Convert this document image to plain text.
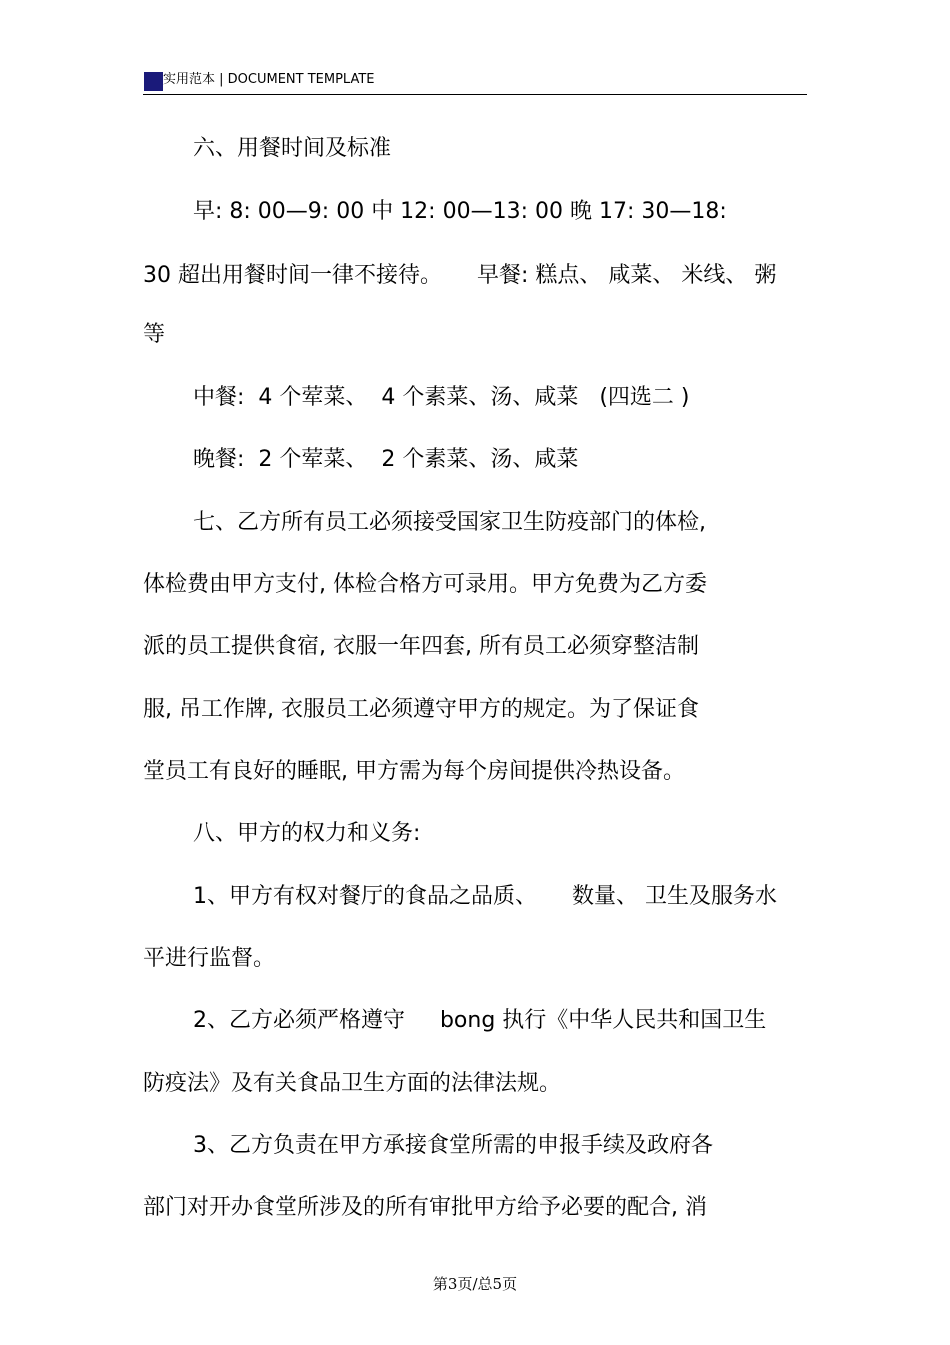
实用范本 | DOCUMENT TEMPLATE
六、用餐时间及标准
早: 8: 00—9: 00 中 12: 00—13: 00 晚 17: 30—18:
30 超出用餐时间一律不接待。     早餐: 糕点、 咸菜、 米线、 粥
等
中餐:  4 个荤菜、  4 个素菜、汤、咸菜   (四选二 )
晚餐:  2 个荤菜、  2 个素菜、汤、咸菜
七、乙方所有员工必须接受国家卫生防疫部门的体检,
体检费由甲方支付, 体检合格方可录用。甲方免费为乙方委
派的员工提供食宿, 衣服一年四套, 所有员工必须穿整洁制
服, 吊工作牌, 衣服员工必须遵守甲方的规定。为了保证食
堂员工有良好的睡眠, 甲方需为每个房间提供冷热设备。
八、甲方的权力和义务:
1、甲方有权对餐厅的食品之品质、     数量、 卫生及服务水
平进行监督。
2、乙方必须严格遵守     bong 执行《中华人民共和国卫生
防疫法》及有关食品卫生方面的法律法规。
3、乙方负责在甲方承接食堂所需的申报手续及政府各
部门对开办食堂所涉及的所有审批甲方给予必要的配合, 消
第3页/总5页
